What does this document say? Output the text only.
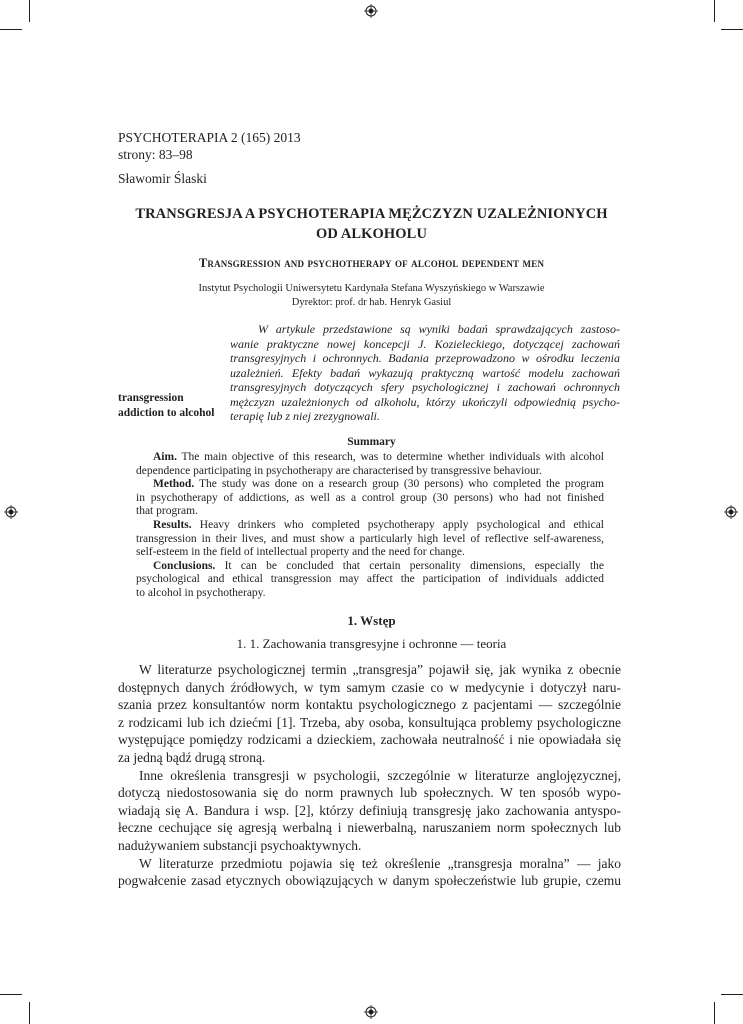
PSYCHOTERAPIA 2 (165) 2013
strony: 83–98
Sławomir Ślaski
TRANSGRESJA A PSYCHOTERAPIA MĘŻCZYZN UZALEŻNIONYCH
OD ALKOHOLU
Transgression and psychotherapy of alcohol dependent men
Instytut Psychologii Uniwersytetu Kardynała Stefana Wyszyńskiego w Warszawie
Dyrektor: prof. dr hab. Henryk Gasiul
transgression
addiction to alcohol
W artykule przedstawione są wyniki badań sprawdzających zastoso-
wanie praktyczne nowej koncepcji J. Kozieleckiego, dotyczącej zachowań
transgresyjnych i ochronnych. Badania przeprowadzono w ośrodku leczenia
uzależnień. Efekty badań wykazują praktyczną wartość modelu zachowań
transgresyjnych dotyczących sfery psychologicznej i zachowań ochronnych
mężczyzn uzależnionych od alkoholu, którzy ukończyli odpowiednią psycho-
terapię lub z niej zrezygnowali.
Summary
Aim. The main objective of this research, was to determine whether individuals with alcohol
dependence participating in psychotherapy are characterised by transgressive behaviour.
Method. The study was done on a research group (30 persons) who completed the program
in psychotherapy of addictions, as well as a control group (30 persons) who had not finished
that program.
Results. Heavy drinkers who completed psychotherapy apply psychological and ethical
transgression in their lives, and must show a particularly high level of reflective self-awareness,
self-esteem in the field of intellectual property and the need for change.
Conclusions. It can be concluded that certain personality dimensions, especially the
psychological and ethical transgression may affect the participation of individuals addicted
to alcohol in psychotherapy.
1. Wstęp
1. 1. Zachowania transgresyjne i ochronne — teoria
W literaturze psychologicznej termin „transgresja” pojawił się, jak wynika z obecnie
dostępnych danych źródłowych, w tym samym czasie co w medycynie i dotyczył naru-
szania przez konsultantów norm kontaktu psychologicznego z pacjentami — szczególnie
z rodzicami lub ich dziećmi [1]. Trzeba, aby osoba, konsultująca problemy psychologiczne
występujące pomiędzy rodzicami a dzieckiem, zachowała neutralność i nie opowiadała się
za jedną bądź drugą stroną.
Inne określenia transgresji w psychologii, szczególnie w literaturze anglojęzycznej,
dotyczą niedostosowania się do norm prawnych lub społecznych. W ten sposób wypo-
wiadają się A. Bandura i wsp. [2], którzy definiują transgresję jako zachowania antyspo-
łeczne cechujące się agresją werbalną i niewerbalną, naruszaniem norm społecznych lub
nadużywaniem substancji psychoaktywnych.
W literaturze przedmiotu pojawia się też określenie „transgresja moralna” — jako
pogwałcenie zasad etycznych obowiązujących w danym społeczeństwie lub grupie, czemu
